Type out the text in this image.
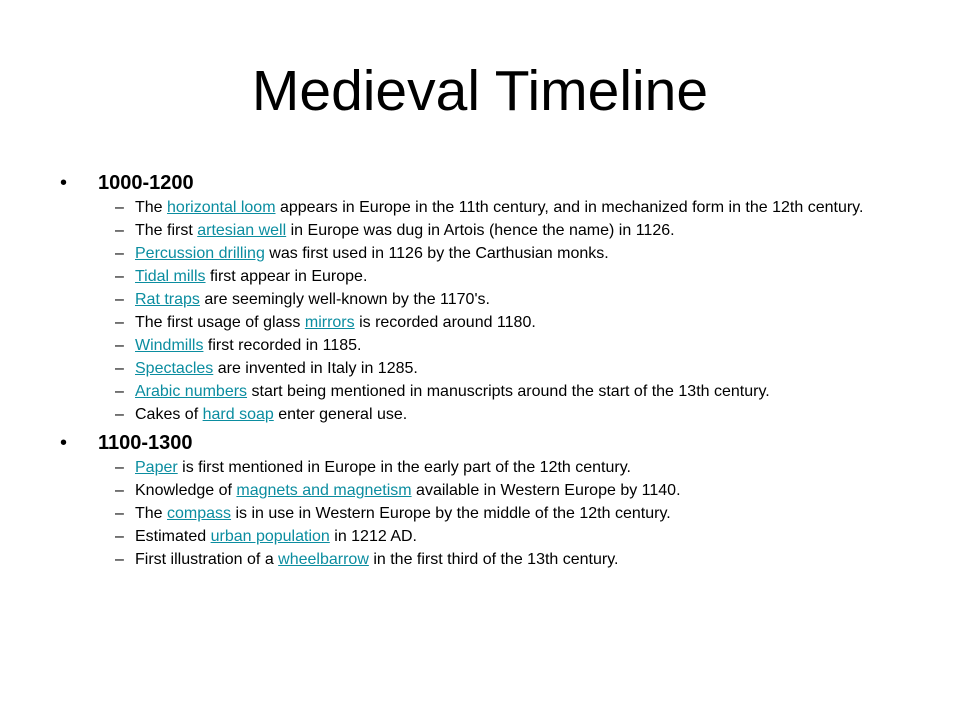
Medieval Timeline
• 1000-1200
– The horizontal loom appears in Europe in the 11th century, and in mechanized form in the 12th century.
– The first artesian well in Europe was dug in Artois (hence the name) in 1126.
– Percussion drilling was first used in 1126 by the Carthusian monks.
– Tidal mills first appear in Europe.
– Rat traps are seemingly well-known by the 1170's.
– The first usage of glass mirrors is recorded around 1180.
– Windmills first recorded in 1185.
– Spectacles are invented in Italy in 1285.
– Arabic numbers start being mentioned in manuscripts around the start of the 13th century.
– Cakes of hard soap enter general use.
• 1100-1300
– Paper is first mentioned in Europe in the early part of the 12th century.
– Knowledge of magnets and magnetism available in Western Europe by 1140.
– The compass is in use in Western Europe by the middle of the 12th century.
– Estimated urban population in 1212 AD.
– First illustration of a wheelbarrow in the first third of the 13th century.
